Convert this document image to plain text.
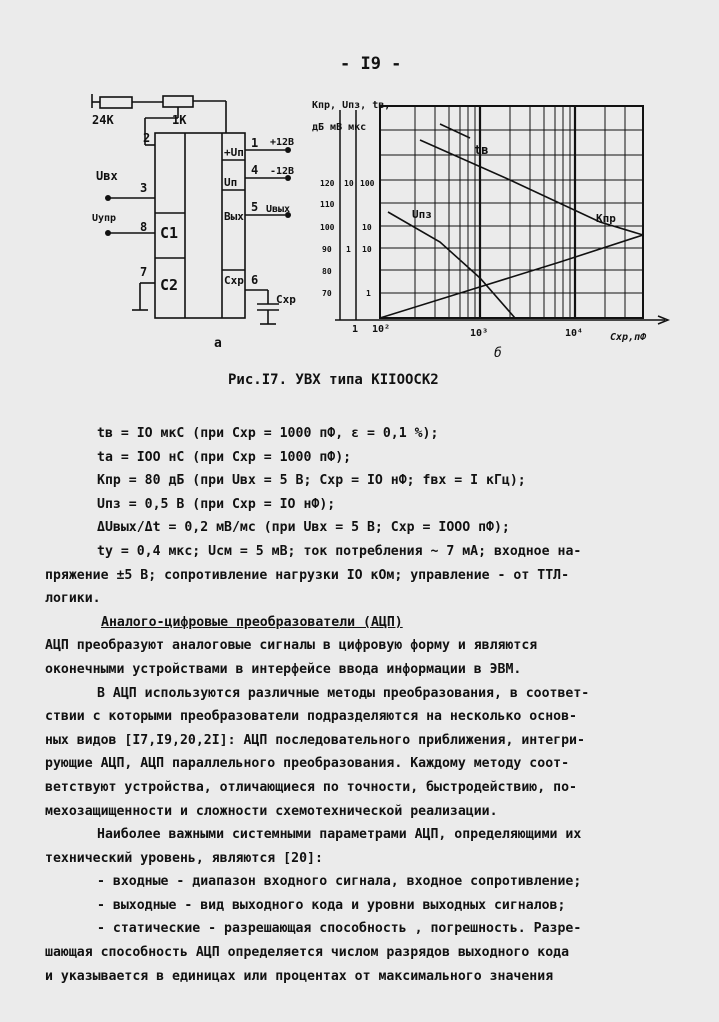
- I9 -
24K	1K
2
3
8
7
1
4
5
6
Uвх
Uупр
C1
C2
+Uп
Uп
Вых
Схр
+12В
-12В
Uвых
Cхр
Kпр, Uпз, tв,
дБ мВ мкс
120
110
100
90
80
70
10
1
100
10
10
1
1 10²	10³	10⁴	Cхр,пФ
tв
Uпз	Kпр
а
б
Рис.I7. УВХ типа КIIООСК2
tв = IO мкС (при Cхр = 1000 пФ, ε = 0,1 %);
tа = IOO нС (при Cхр = 1000 пФ);
Kпр = 80 дБ (при Uвх = 5 В; Cхр = IO нФ; fвх = I кГц);
Uпз = 0,5 В (при Cхр = IO нФ);
ΔUвых/Δt = 0,2 мВ/мс (при Uвх = 5 В; Cхр = IOOO пФ);
ty = 0,4 мкс; Uсм = 5 мВ; ток потребления ~ 7 мА; входное на-
пряжение ±5 В; сопротивление нагрузки IO кОм; управление - от ТТЛ-
логики.
Аналого-цифровые преобразователи (АЦП)
АЦП преобразуют аналоговые сигналы в цифровую форму и являются
оконечными устройствами в интерфейсе ввода информации в ЭВМ.
В АЦП используются различные методы преобразования, в соответ-
ствии с которыми преобразователи подразделяются на несколько основ-
ных видов [I7,I9,20,2I]: АЦП последовательного приближения, интегри-
рующие АЦП, АЦП параллельного преобразования. Каждому методу соот-
ветствуют устройства, отличающиеся по точности, быстродействию, по-
мехозащищенности и сложности схемотехнической реализации.
Наиболее важными системными параметрами АЦП, определяющими их
технический уровень, являются [20]:
- входные - диапазон входного сигнала, входное сопротивление;
- выходные - вид выходного кода и уровни выходных сигналов;
- статические - разрешающая способность , погрешность. Разре-
шающая способность АЦП определяется числом разрядов выходного кода
и указывается в единицах или процентах от максимального значения
